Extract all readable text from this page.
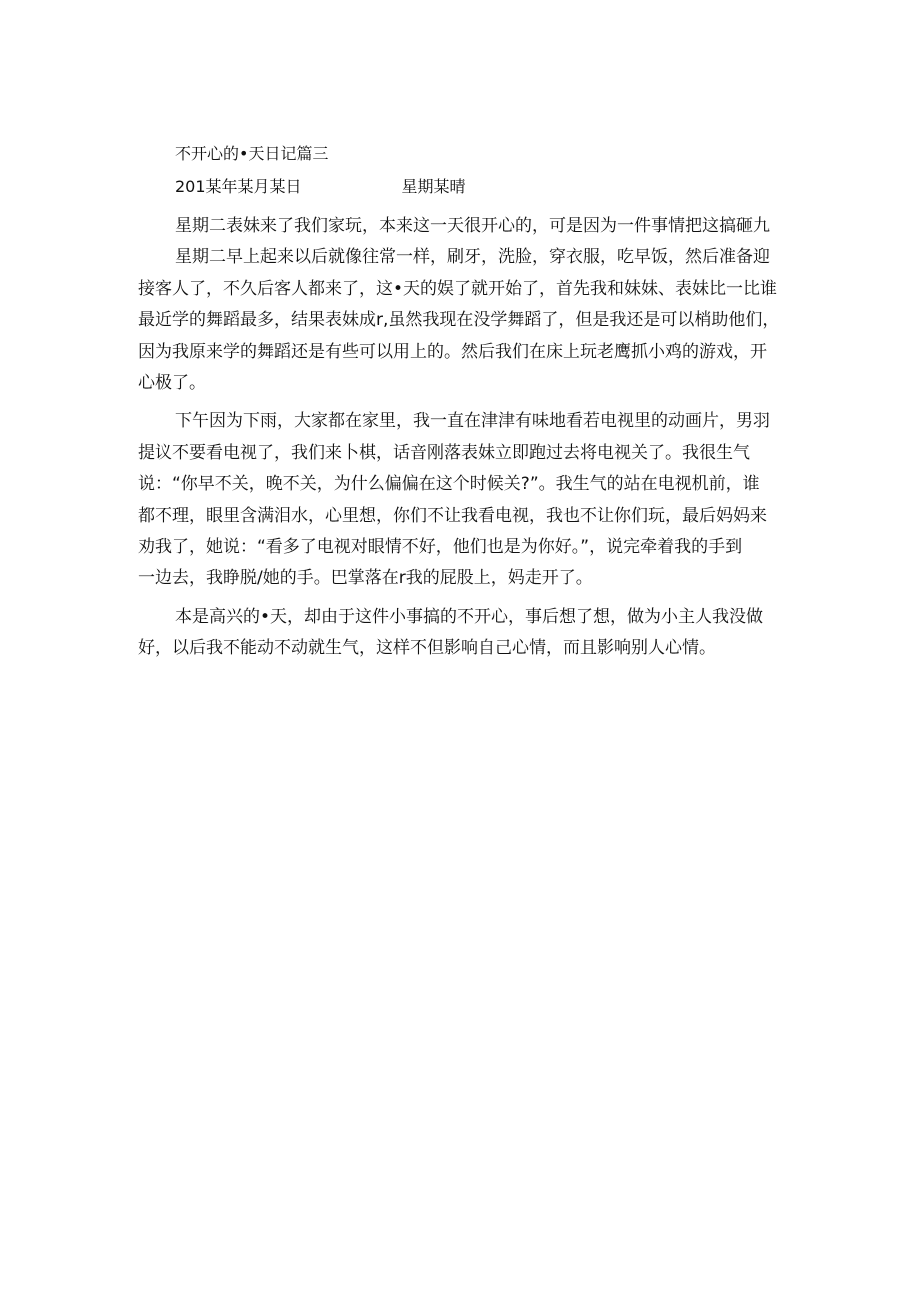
不开心的•天日记篇三
201某年某月某日	星期某晴
星期二表妹来了我们家玩，本来这一天很开心的，可是因为一件事情把这搞砸九
星期二早上起来以后就像往常一样，刷牙，洗脸，穿衣服，吃早饭，然后准备迎
接客人了，不久后客人都来了，这•天的娱了就开始了，首先我和妹妹、表妹比一比谁
最近学的舞蹈最多，结果表妹成r,虽然我现在没学舞蹈了，但是我还是可以梢助他们，
因为我原来学的舞蹈还是有些可以用上的。然后我们在床上玩老鹰抓小鸡的游戏，开
心极了。
下午因为下雨，大家都在家里，我一直在津津有味地看若电视里的动画片，男羽
提议不要看电视了，我们来卜棋，话音刚落表妹立即跑过去将电视关了。我很生气
说：“你早不关，晚不关，为什么偏偏在这个时候关?”。我生气的站在电视机前，谁
都不理，眼里含满泪水，心里想，你们不让我看电视，我也不让你们玩，最后妈妈来
劝我了，她说：“看多了电视对眼情不好，他们也是为你好。”，说完牵着我的手到
一边去，我睁脱/她的手。巴掌落在r我的屁股上，妈走开了。
本是高兴的•天，却由于这件小事搞的不开心，事后想了想，做为小主人我没做
好，以后我不能动不动就生气，这样不但影响自己心情，而且影响别人心情。
